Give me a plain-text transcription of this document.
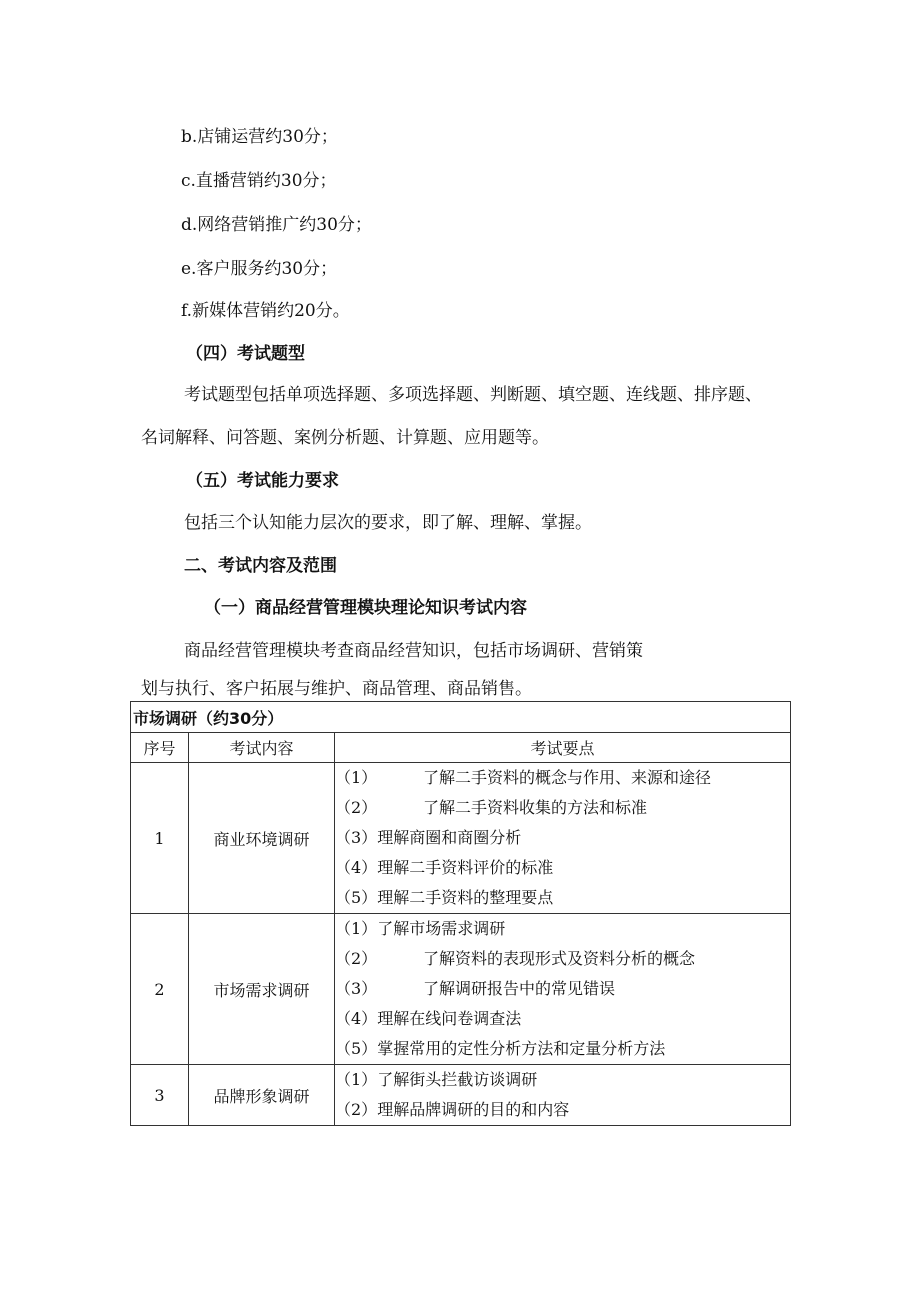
b.店铺运营约30分；
c.直播营销约30分；
d.网络营销推广约30分；
e.客户服务约30分；
f.新媒体营销约20分。
（四）考试题型
考试题型包括单项选择题、多项选择题、判断题、填空题、连线题、排序题、
名词解释、问答题、案例分析题、计算题、应用题等。
（五）考试能力要求
包括三个认知能力层次的要求，即了解、理解、掌握。
二、考试内容及范围
（一）商品经营管理模块理论知识考试内容
商品经营管理模块考查商品经营知识，包括市场调研、营销策
划与执行、客户拓展与维护、商品管理、商品销售。
市场调研（约30分）		
序号	考试内容	考试要点
1	商业环境调研	（1） 了解二手资料的概念与作用、来源和途径
（2） 了解二手资料收集的方法和标准
（3）理解商圈和商圈分析
（4）理解二手资料评价的标准
（5）理解二手资料的整理要点

2	市场需求调研	（1）了解市场需求调研
（2） 了解资料的表现形式及资料分析的概念
（3） 了解调研报告中的常见错误
（4）理解在线问卷调查法
（5）掌握常用的定性分析方法和定量分析方法

3	品牌形象调研	（1）了解街头拦截访谈调研
（2）理解品牌调研的目的和内容
